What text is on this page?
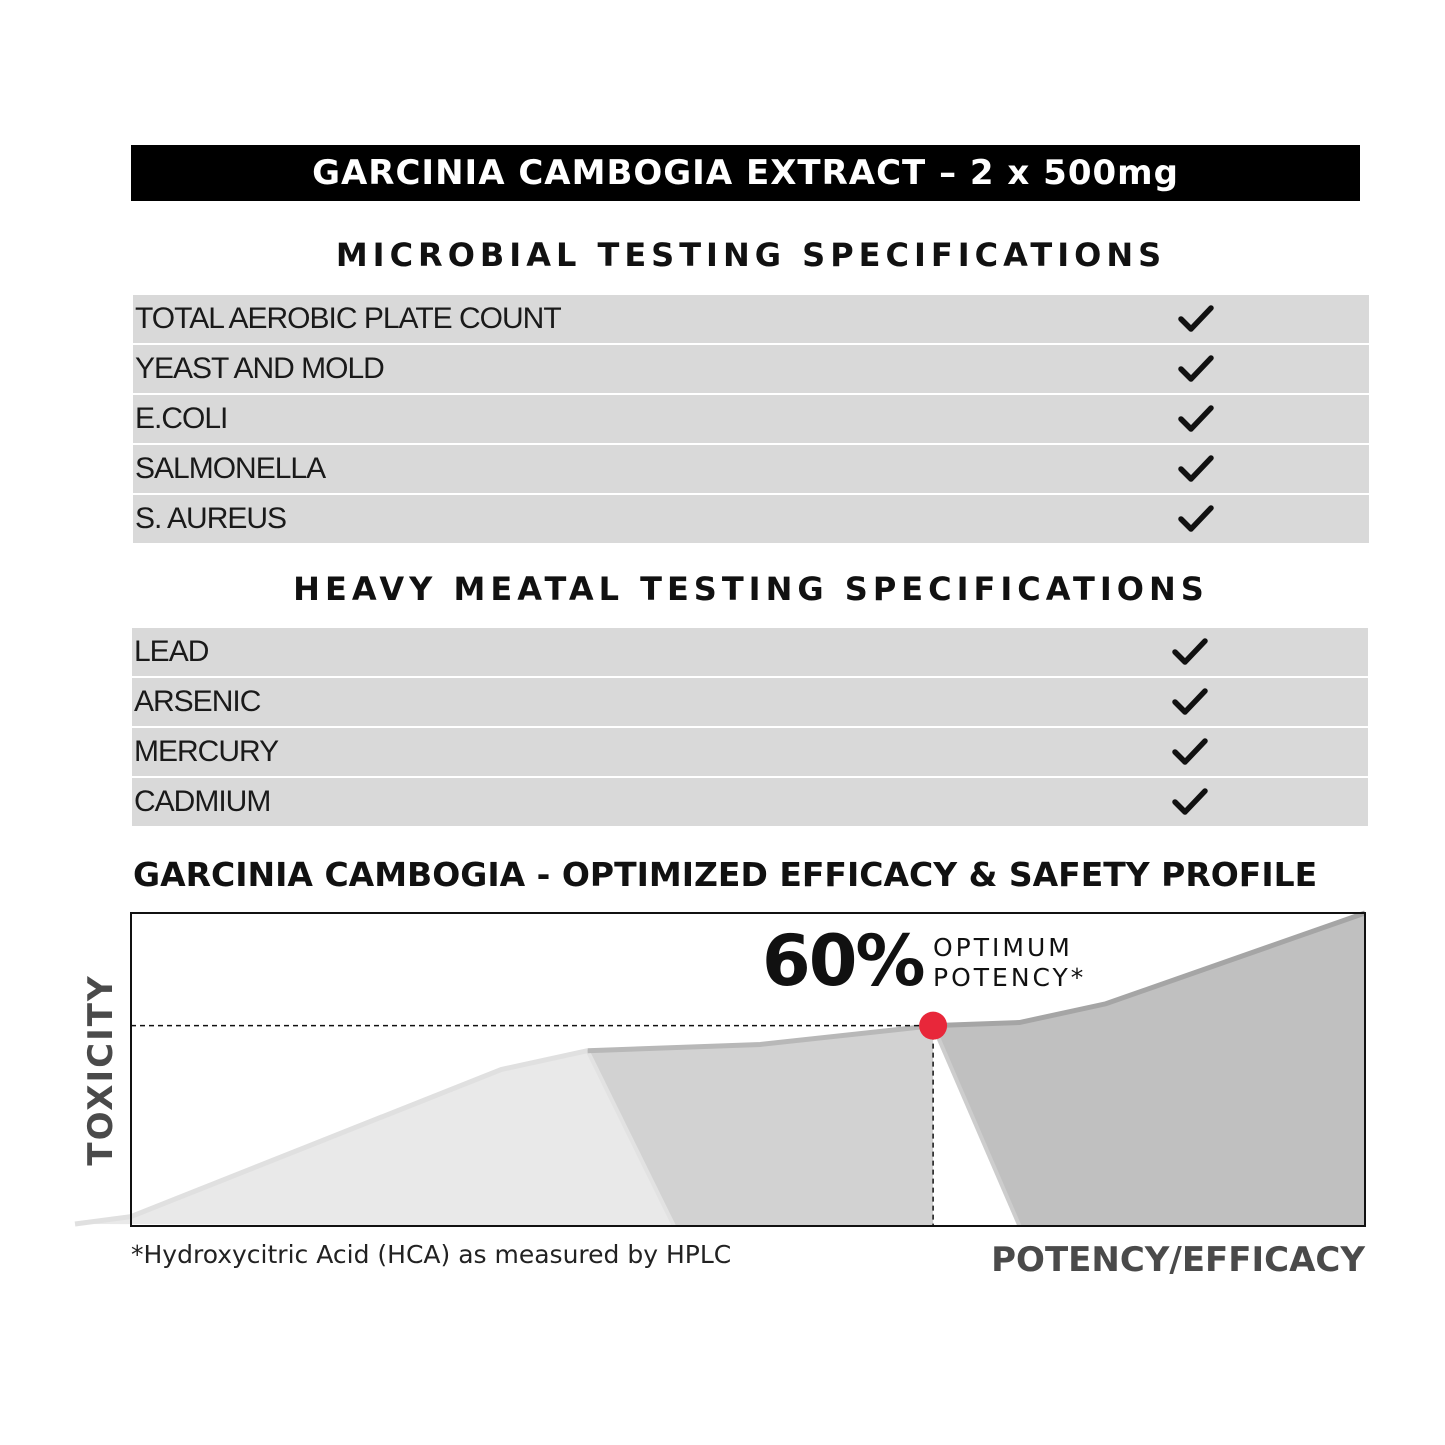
GARCINIA CAMBOGIA EXTRACT – 2 x 500mg
MICROBIAL TESTING SPECIFICATIONS
TOTAL AEROBIC PLATE COUNT
YEAST AND MOLD
E.COLI
SALMONELLA
S. AUREUS
HEAVY MEATAL TESTING SPECIFICATIONS
LEAD
ARSENIC
MERCURY
CADMIUM
GARCINIA CAMBOGIA - OPTIMIZED EFFICACY & SAFETY PROFILE
60% OPTIMUM
POTENCY*
TOXICITY
*Hydroxycitric Acid (HCA) as measured by HPLC	POTENCY/EFFICACY
